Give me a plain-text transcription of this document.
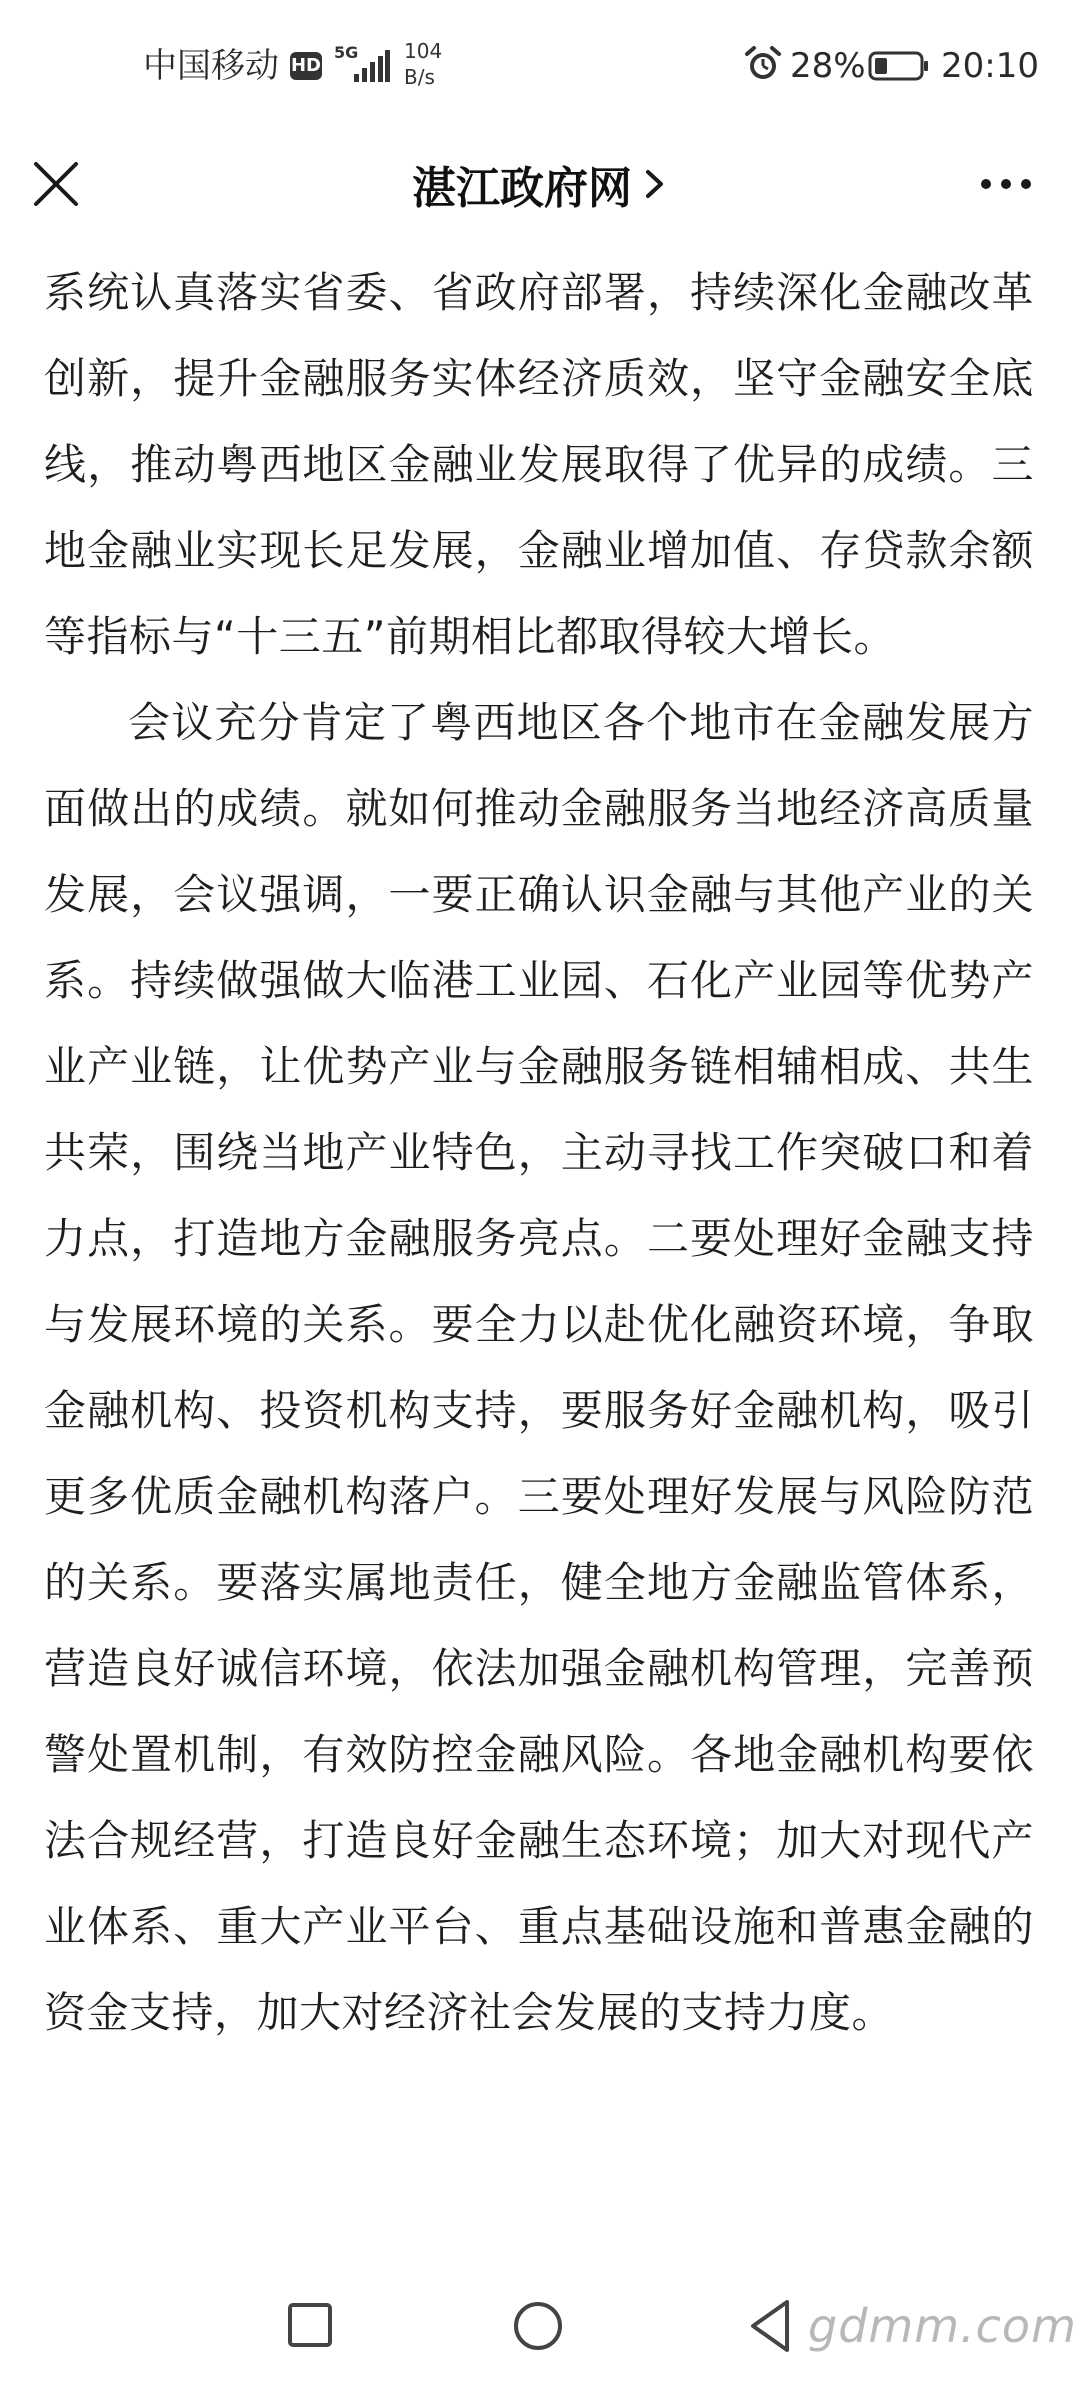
中国移动 HD
5G 104
B/s	28% 20:10
湛江政府网

系统认真落实省委、省政府部署，持续深化金融改革创新，提升金融服务实体经济质效，坚守金融安全底线，推动粤西地区金融业发展取得了优异的成绩。三地金融业实现长足发展，金融业增加值、存贷款余额等指标与“十三五”前期相比都取得较大增长。

会议充分肯定了粤西地区各个地市在金融发展方面做出的成绩。就如何推动金融服务当地经济高质量发展，会议强调，一要正确认识金融与其他产业的关系。持续做强做大临港工业园、石化产业园等优势产业产业链，让优势产业与金融服务链相辅相成、共生共荣，围绕当地产业特色，主动寻找工作突破口和着力点，打造地方金融服务亮点。二要处理好金融支持与发展环境的关系。要全力以赴优化融资环境，争取金融机构、投资机构支持，要服务好金融机构，吸引更多优质金融机构落户。三要处理好发展与风险防范的关系。要落实属地责任，健全地方金融监管体系，营造良好诚信环境，依法加强金融机构管理，完善预警处置机制，有效防控金融风险。各地金融机构要依法合规经营，打造良好金融生态环境；加大对现代产业体系、重大产业平台、重点基础设施和普惠金融的资金支持，加大对经济社会发展的支持力度。

gdmm.com
